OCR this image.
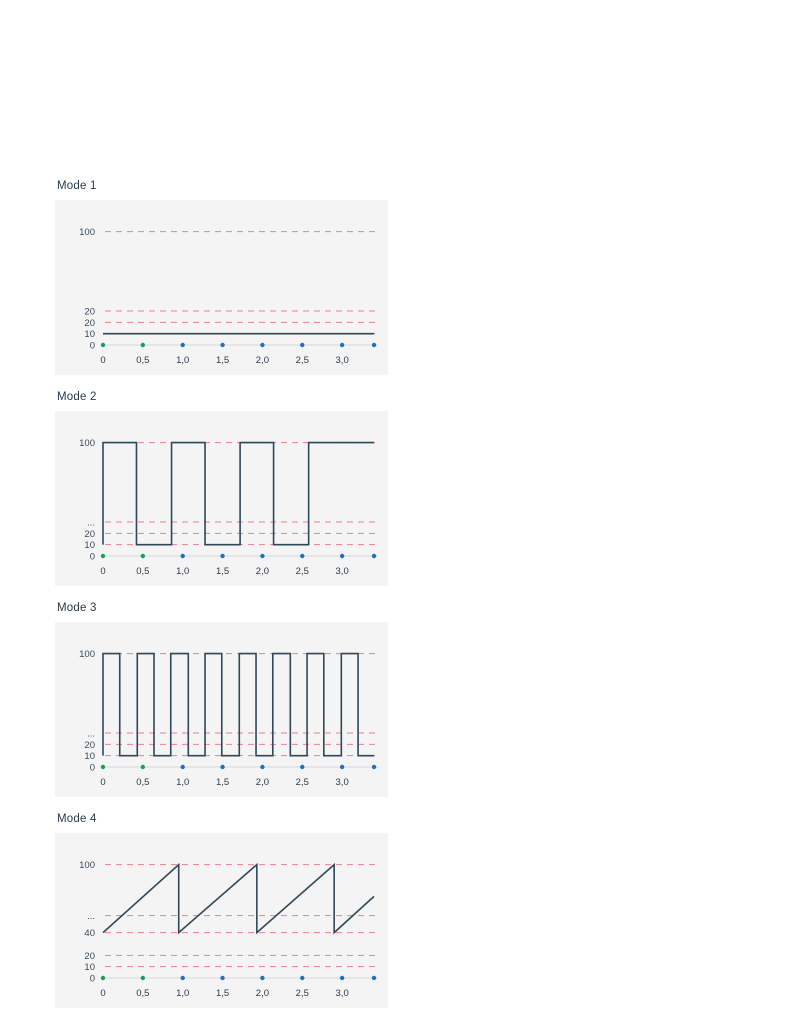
Mode 1
0
10
20
20
100
0	0,5	1,0	1,5	2,0	2,5	3,0
Mode 2
0
10
20
...
100
0	0,5	1,0	1,5	2,0	2,5	3,0
Mode 3
0
10
20
...
100
0	0,5	1,0	1,5	2,0	2,5	3,0
Mode 4
0
10
20
40
...
100
0	0,5	1,0	1,5	2,0	2,5	3,0
